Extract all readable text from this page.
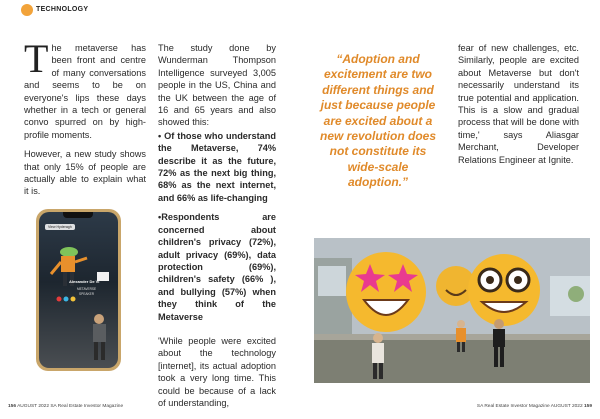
TECHNOLOGY

The metaverse has been front and centre of many conversations and seems to be on everyone's lips these days whether in a tech or general convo spurred on by high-profile moments.

However, a new study shows that only 15% of people are actually able to explain what it is.

View Hyderagh
Alexander De Vi
METAVERSE
SPEAKER

The study done by Wunderman Thompson Intelligence surveyed 3,005 people in the US, China and the UK between the age of 16 and 65 years and also showed this:

• Of those who understand the Metaverse, 74% describe it as the future, 72% as the next big thing, 68% as the next internet, and 66% as life-changing

•Respondents are concerned about children's privacy (72%), adult privacy (69%), data protection (69%), children's safety (66% ), and bullying (57%) when they think of the Metaverse

'While people were excited about the technology [internet], its actual adoption took a very long time. This could be because of a lack of understanding,

“Adoption and excitement are two different things and just because people are excited about a new revolution does not constitute its wide-scale adoption.”

fear of new challenges, etc. Similarly, people are excited about Metaverse but don't necessarily understand its true potential and application. This is a slow and gradual process that will be done with time,' says Aliasgar Merchant, Developer Relations Engineer at Ignite.

156 AUGUST 2022 SA Real Estate Investor Magazine	SA Real Estate Investor Magazine AUGUST 2022 159
